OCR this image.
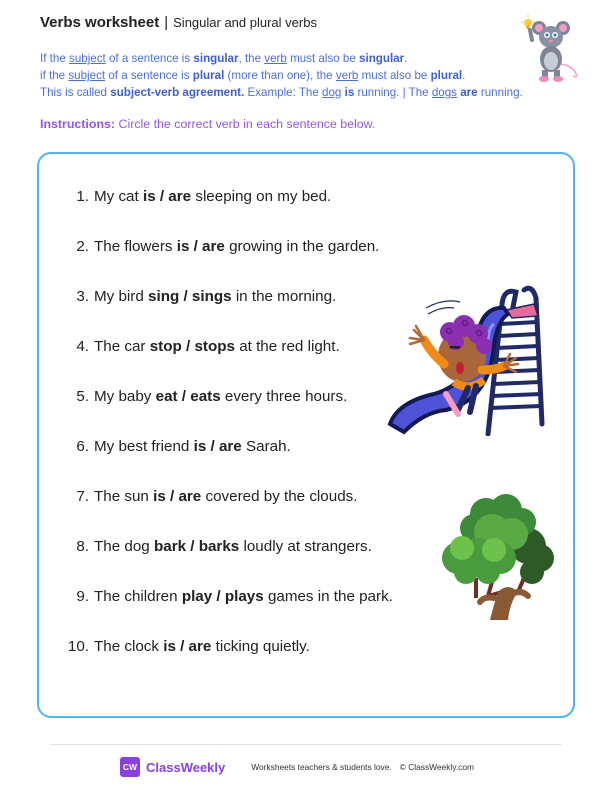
Verbs worksheet | Singular and plural verbs
If the subject of a sentence is singular, the verb must also be singular.
if the subject of a sentence is plural (more than one), the verb must also be plural.
This is called subject-verb agreement. Example: The dog is running. | The dogs are running.
Instructions: Circle the correct verb in each sentence below.
1. My cat
is / are
sleeping on my bed.
2. The flowers
is / are
growing in the garden.
3. My bird
sing / sings
in the morning.
4. The car
stop / stops
at the red light.
5. My baby
eat / eats
every three hours.
6. My best friend
is / are
Sarah.
7. The sun
is / are
covered by the clouds.
8. The dog
bark / barks
loudly at strangers.
9. The children
play / plays
games in the park.
10. The clock
is / are
ticking quietly.
CW ClassWeekly	Worksheets teachers & students love. © ClassWeekly.com
